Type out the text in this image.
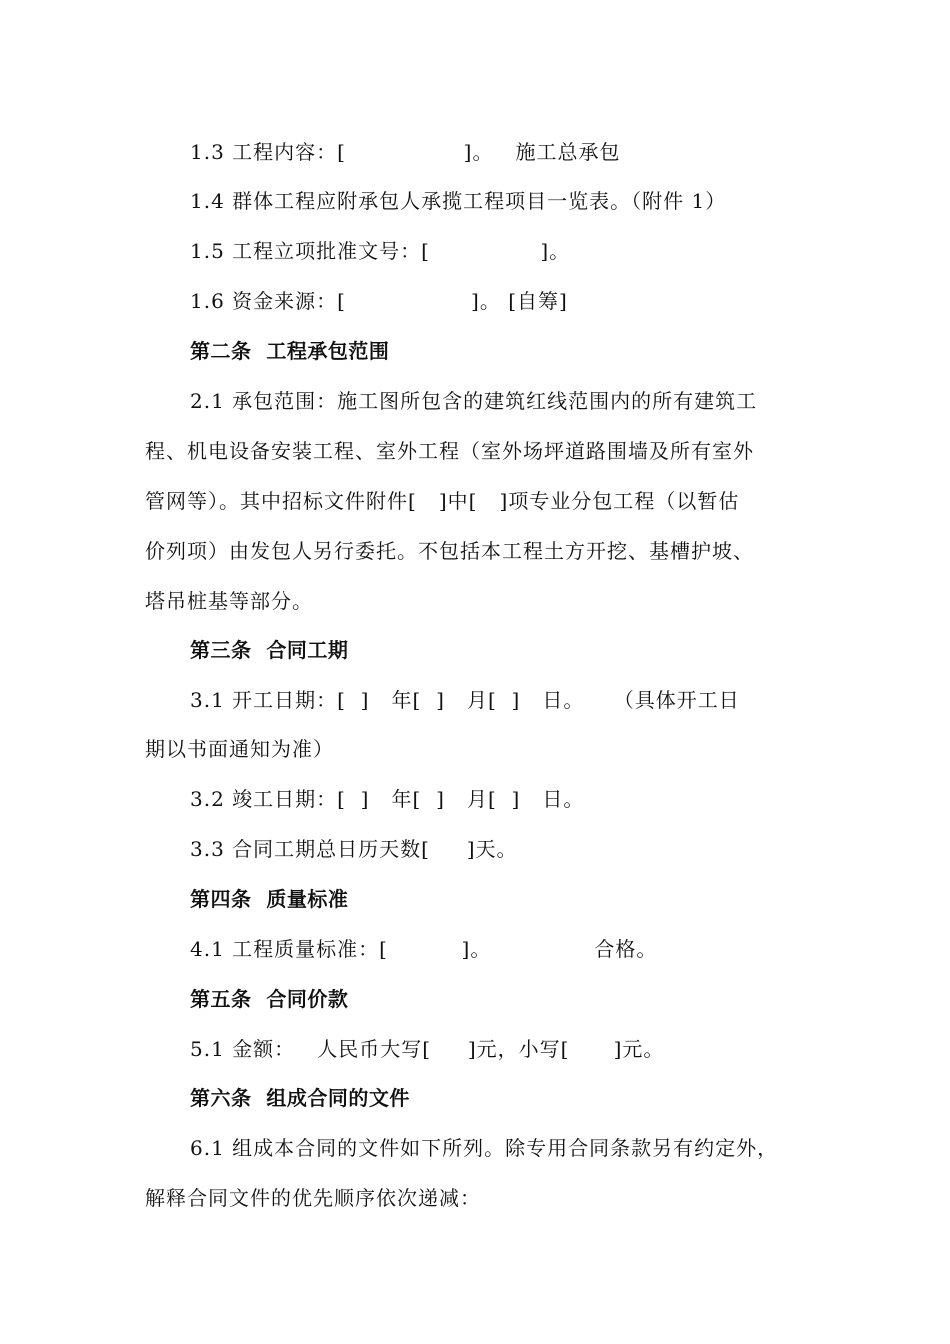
1.3 工程内容：[                ]。   施工总承包
1.4 群体工程应附承包人承揽工程项目一览表。（附件 1）
1.5 工程立项批准文号：[               ]。
1.6 资金来源：[                 ]。 [自筹]
第二条  工程承包范围
2.1 承包范围：施工图所包含的建筑红线范围内的所有建筑工
程、机电设备安装工程、室外工程（室外场坪道路围墙及所有室外
管网等）。其中招标文件附件[   ]中[   ]项专业分包工程（以暂估
价列项）由发包人另行委托。不包括本工程土方开挖、基槽护坡、
塔吊桩基等部分。
第三条  合同工期
3.1 开工日期：[  ]   年[  ]   月[  ]   日。    （具体开工日
期以书面通知为准）
3.2 竣工日期：[  ]   年[  ]   月[  ]   日。
3.3 合同工期总日历天数[     ]天。
第四条  质量标准
4.1 工程质量标准：[          ]。              合格。
第五条  合同价款
5.1 金额：   人民币大写[     ]元，小写[      ]元。
第六条  组成合同的文件
6.1 组成本合同的文件如下所列。除专用合同条款另有约定外，
解释合同文件的优先顺序依次递减：
